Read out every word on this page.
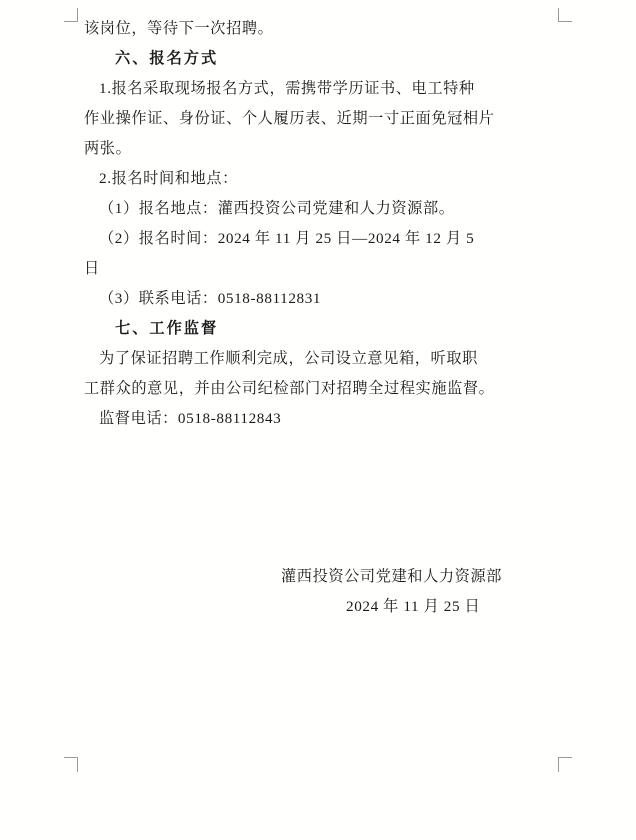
该岗位，等待下一次招聘。
六、报名方式
1.报名采取现场报名方式，需携带学历证书、电工特种
作业操作证、身份证、个人履历表、近期一寸正面免冠相片
两张。
2.报名时间和地点：
（1）报名地点：灌西投资公司党建和人力资源部。
（2）报名时间：2024 年 11 月 25 日—2024 年 12 月 5
日
（3）联系电话：0518-88112831
七、工作监督
为了保证招聘工作顺利完成，公司设立意见箱，听取职
工群众的意见，并由公司纪检部门对招聘全过程实施监督。
监督电话：0518-88112843
灌西投资公司党建和人力资源部
2024 年 11 月 25 日
